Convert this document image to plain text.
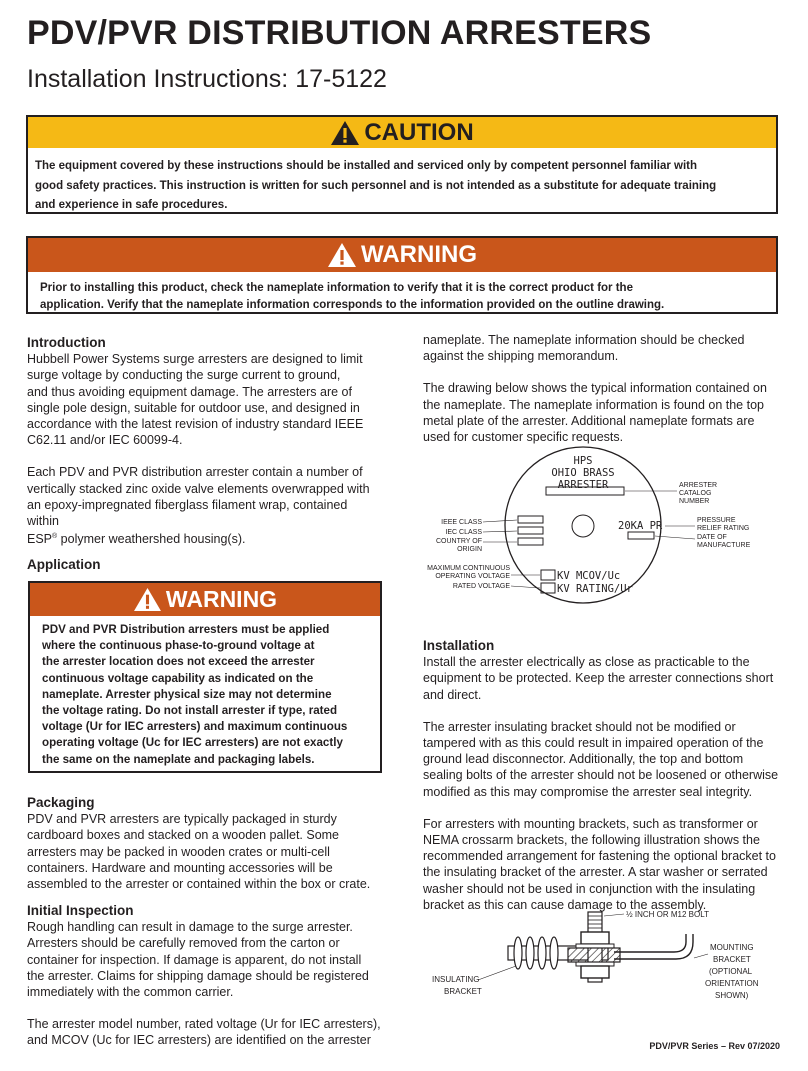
PDV/PVR DISTRIBUTION ARRESTERS
Installation Instructions: 17-5122
CAUTION
The equipment covered by these instructions should be installed and serviced only by competent personnel familiar with
good safety practices. This instruction is written for such personnel and is not intended as a substitute for adequate training
and experience in safe procedures.
WARNING
Prior to installing this product, check the nameplate information to verify that it is the correct product for the
application. Verify that the nameplate information corresponds to the information provided on the outline drawing.
Introduction
Hubbell Power Systems surge arresters are designed to limit
surge voltage by conducting the surge current to ground,
and thus avoiding equipment damage. The arresters are of
single pole design, suitable for outdoor use, and designed in
accordance with the latest revision of industry standard IEEE
C62.11 and/or IEC 60099-4.
Each PDV and PVR distribution arrester contain a number of
vertically stacked zinc oxide valve elements overwrapped with
an epoxy-impregnated fiberglass filament wrap, contained within
ESP® polymer weathershed housing(s).
Application
WARNING
PDV and PVR Distribution arresters must be applied
where the continuous phase-to-ground voltage at
the arrester location does not exceed the arrester
continuous voltage capability as indicated on the
nameplate. Arrester physical size may not determine
the voltage rating. Do not install arrester if type, rated
voltage (Ur for IEC arresters) and maximum continuous
operating voltage (Uc for IEC arresters) are not exactly
the same on the nameplate and packaging labels.
Packaging
PDV and PVR arresters are typically packaged in sturdy
cardboard boxes and stacked on a wooden pallet. Some
arresters may be packed in wooden crates or multi-cell
containers. Hardware and mounting accessories will be
assembled to the arrester or contained within the box or crate.
Initial Inspection
Rough handling can result in damage to the surge arrester.
Arresters should be carefully removed from the carton or
container for inspection. If damage is apparent, do not install
the arrester. Claims for shipping damage should be registered
immediately with the common carrier.
The arrester model number, rated voltage (Ur for IEC arresters),
and MCOV (Uc for IEC arresters) are identified on the arrester
nameplate. The nameplate information should be checked
against the shipping memorandum.
The drawing below shows the typical information contained on
the nameplate. The nameplate information is found on the top
metal plate of the arrester. Additional nameplate formats are
used for customer specific requests.
HPS
OHIO BRASS
ARRESTER
20KA PR
KV MCOV/Uc
KV RATING/Ur
IEEE CLASS
IEC CLASS
COUNTRY OF
ORIGIN
MAXIMUM CONTINUOUS
OPERATING VOLTAGE
RATED VOLTAGE
ARRESTER
CATALOG
NUMBER
PRESSURE
RELIEF RATING
DATE OF
MANUFACTURE
Installation
Install the arrester electrically as close as practicable to the
equipment to be protected. Keep the arrester connections short
and direct.
The arrester insulating bracket should not be modified or
tampered with as this could result in impaired operation of the
ground lead disconnector. Additionally, the top and bottom
sealing bolts of the arrester should not be loosened or otherwise
modified as this may compromise the arrester seal integrity.
For arresters with mounting brackets, such as transformer or
NEMA crossarm brackets, the following illustration shows the
recommended arrangement for fastening the optional bracket to
the insulating bracket of the arrester. A star washer or serrated
washer should not be used in conjunction with the insulating
bracket as this can cause damage to the assembly.
½ INCH OR M12 BOLT
MOUNTING
BRACKET
(OPTIONAL
ORIENTATION
SHOWN)
INSULATING
BRACKET
PDV/PVR Series – Rev 07/2020
